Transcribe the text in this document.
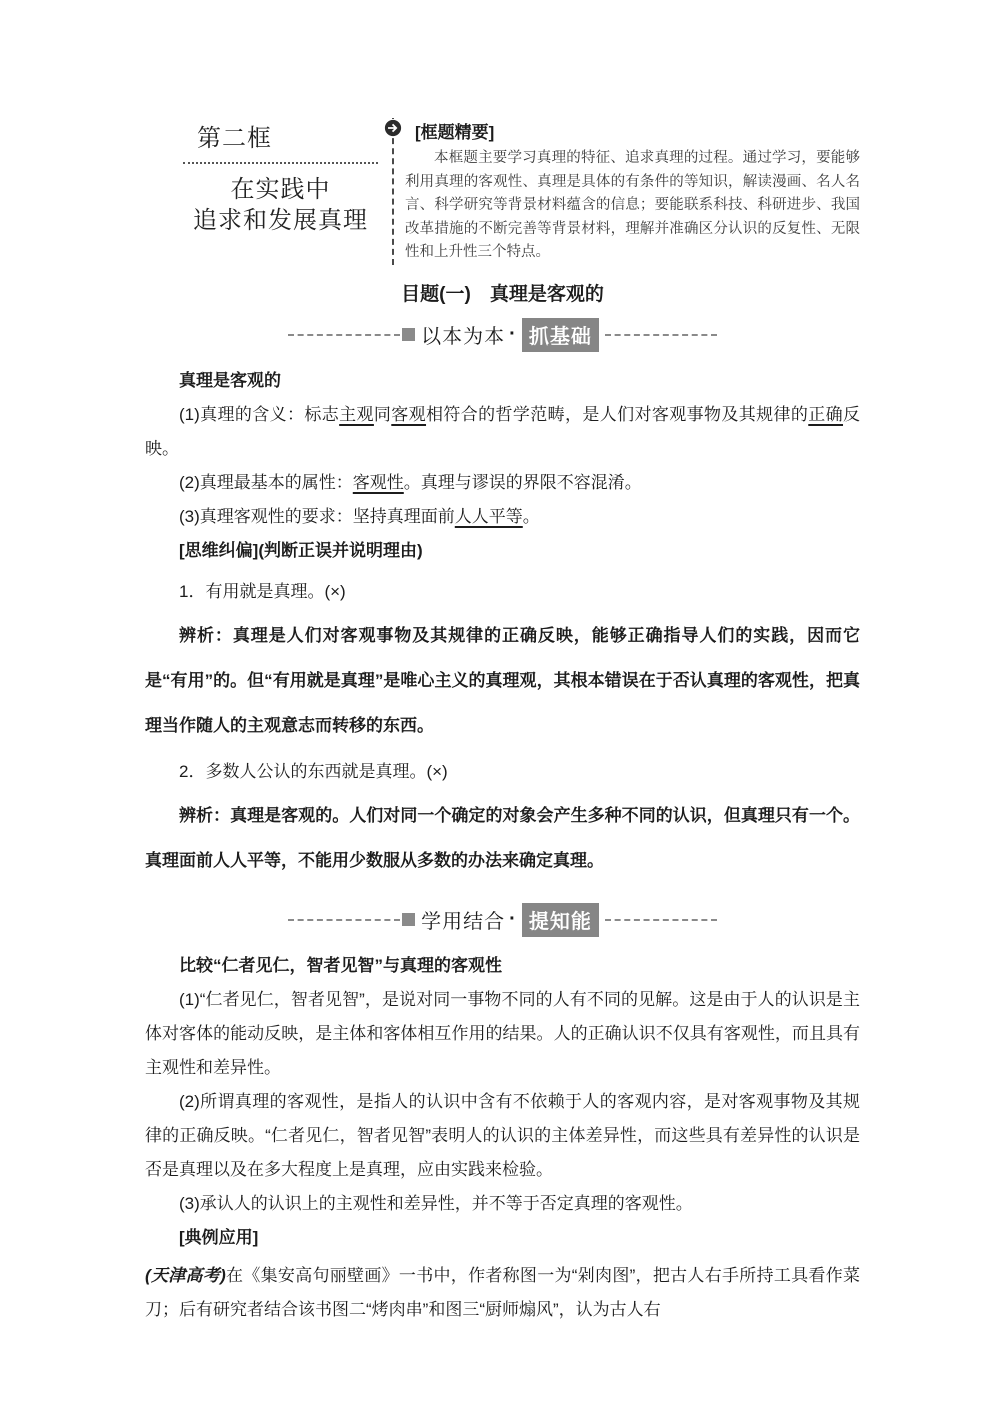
第二框
在实践中
追求和发展真理
[框题精要]

本框题主要学习真理的特征、追求真理的过程。通过学习，要能够利用真理的客观性、真理是具体的有条件的等知识，解读漫画、名人名言、科学研究等背景材料蕴含的信息；要能联系科技、科研进步、我国改革措施的不断完善等背景材料，理解并准确区分认识的反复性、无限性和上升性三个特点。

目题(一)　真理是客观的
以本为本 · 抓基础

真理是客观的

(1)真理的含义：标志主观同客观相符合的哲学范畴，是人们对客观事物及其规律的正确反映。

(2)真理最基本的属性：客观性。真理与谬误的界限不容混淆。

(3)真理客观性的要求：坚持真理面前人人平等。

[思维纠偏](判断正误并说明理由)

1．有用就是真理。(×)

辨析：真理是人们对客观事物及其规律的正确反映，能够正确指导人们的实践，因而它是“有用”的。但“有用就是真理”是唯心主义的真理观，其根本错误在于否认真理的客观性，把真理当作随人的主观意志而转移的东西。

2．多数人公认的东西就是真理。(×)

辨析：真理是客观的。人们对同一个确定的对象会产生多种不同的认识，但真理只有一个。真理面前人人平等，不能用少数服从多数的办法来确定真理。

学用结合 · 提知能

比较“仁者见仁，智者见智”与真理的客观性

(1)“仁者见仁，智者见智”，是说对同一事物不同的人有不同的见解。这是由于人的认识是主体对客体的能动反映，是主体和客体相互作用的结果。人的正确认识不仅具有客观性，而且具有主观性和差异性。

(2)所谓真理的客观性，是指人的认识中含有不依赖于人的客观内容，是对客观事物及其规律的正确反映。“仁者见仁，智者见智”表明人的认识的主体差异性，而这些具有差异性的认识是否是真理以及在多大程度上是真理，应由实践来检验。

(3)承认人的认识上的主观性和差异性，并不等于否定真理的客观性。

[典例应用]

(天津高考)在《集安高句丽壁画》一书中，作者称图一为“剁肉图”，把古人右手所持工具看作菜刀；后有研究者结合该书图二“烤肉串”和图三“厨师煽风”，认为古人右
